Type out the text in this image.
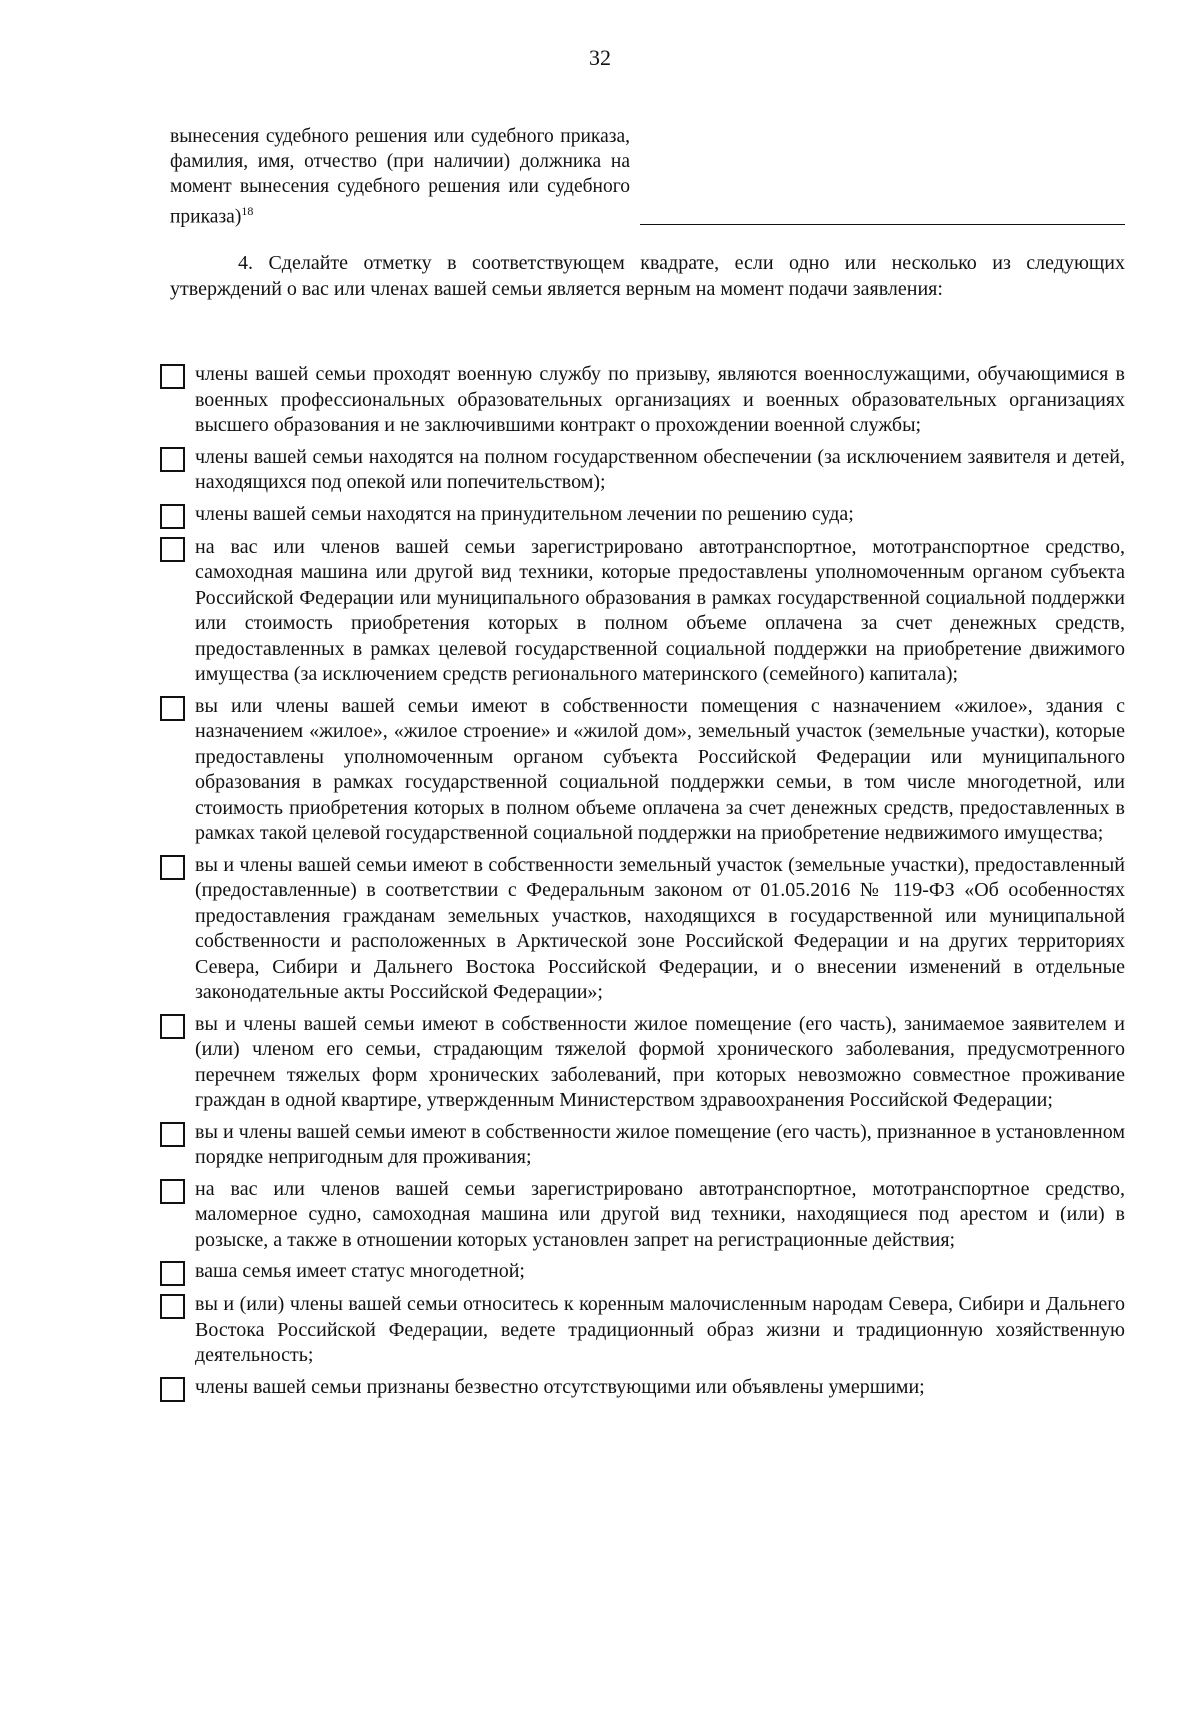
32
вынесения судебного решения или судебного приказа, фамилия, имя, отчество (при наличии) должника на момент вынесения судебного решения или судебного приказа)$^{18}$
4. Сделайте отметку в соответствующем квадрате, если одно или несколько из следующих утверждений о вас или членах вашей семьи является верным на момент подачи заявления:
члены вашей семьи проходят военную службу по призыву, являются военнослужащими, обучающимися в военных профессиональных образовательных организациях и военных образовательных организациях высшего образования и не заключившими контракт о прохождении военной службы;
члены вашей семьи находятся на полном государственном обеспечении (за исключением заявителя и детей, находящихся под опекой или попечительством);
члены вашей семьи находятся на принудительном лечении по решению суда;
на вас или членов вашей семьи зарегистрировано автотранспортное, мототранспортное средство, самоходная машина или другой вид техники, которые предоставлены уполномоченным органом субъекта Российской Федерации или муниципального образования в рамках государственной социальной поддержки или стоимость приобретения которых в полном объеме оплачена за счет денежных средств, предоставленных в рамках целевой государственной социальной поддержки на приобретение движимого имущества (за исключением средств регионального материнского (семейного) капитала);
вы или члены вашей семьи имеют в собственности помещения с назначением «жилое», здания с назначением «жилое», «жилое строение» и «жилой дом», земельный участок (земельные участки), которые предоставлены уполномоченным органом субъекта Российской Федерации или муниципального образования в рамках государственной социальной поддержки семьи, в том числе многодетной, или стоимость приобретения которых в полном объеме оплачена за счет денежных средств, предоставленных в рамках такой целевой государственной социальной поддержки на приобретение недвижимого имущества;
вы и члены вашей семьи имеют в собственности земельный участок (земельные участки), предоставленный (предоставленные) в соответствии с Федеральным законом от 01.05.2016 № 119-ФЗ «Об особенностях предоставления гражданам земельных участков, находящихся в государственной или муниципальной собственности и расположенных в Арктической зоне Российской Федерации и на других территориях Севера, Сибири и Дальнего Востока Российской Федерации, и о внесении изменений в отдельные законодательные акты Российской Федерации»;
вы и члены вашей семьи имеют в собственности жилое помещение (его часть), занимаемое заявителем и (или) членом его семьи, страдающим тяжелой формой хронического заболевания, предусмотренного перечнем тяжелых форм хронических заболеваний, при которых невозможно совместное проживание граждан в одной квартире, утвержденным Министерством здравоохранения Российской Федерации;
вы и члены вашей семьи имеют в собственности жилое помещение (его часть), признанное в установленном порядке непригодным для проживания;
на вас или членов вашей семьи зарегистрировано автотранспортное, мототранспортное средство, маломерное судно, самоходная машина или другой вид техники, находящиеся под арестом и (или) в розыске, а также в отношении которых установлен запрет на регистрационные действия;
ваша семья имеет статус многодетной;
вы и (или) члены вашей семьи относитесь к коренным малочисленным народам Севера, Сибири и Дальнего Востока Российской Федерации, ведете традиционный образ жизни и традиционную хозяйственную деятельность;
члены вашей семьи признаны безвестно отсутствующими или объявлены умершими;
